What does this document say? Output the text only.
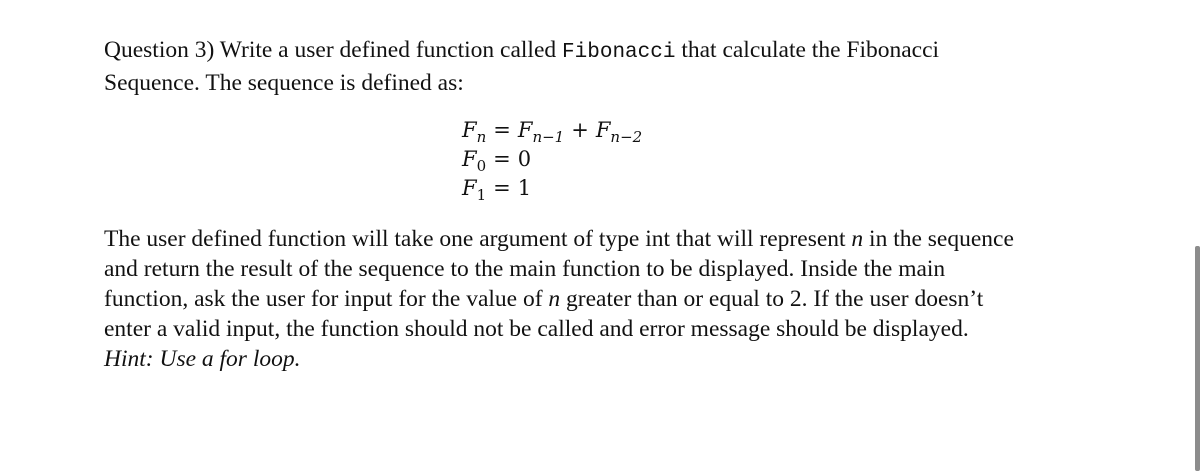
Question 3) Write a user defined function called Fibonacci that calculate the Fibonacci
Sequence. The sequence is defined as:
$F_n = F_{n-1} + F_{n-2}$
$F_0 = 0$
$F_1 = 1$
The user defined function will take one argument of type int that will represent n in the sequence
and return the result of the sequence to the main function to be displayed. Inside the main
function, ask the user for input for the value of n greater than or equal to 2. If the user doesn’t
enter a valid input, the function should not be called and error message should be displayed.
Hint: Use a for loop.
